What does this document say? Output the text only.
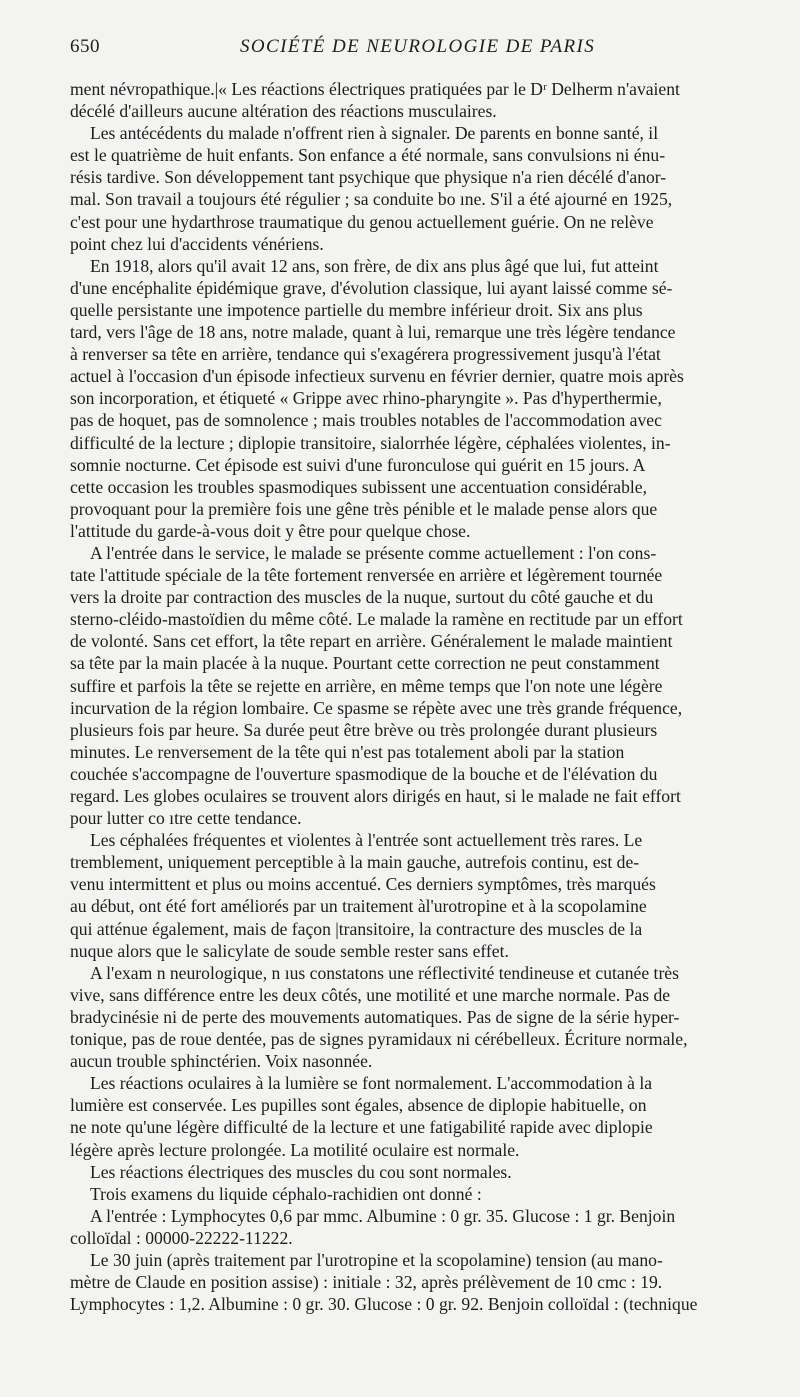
650	SOCIÉTÉ DE NEUROLOGIE DE PARIS

ment névropathique.|« Les réactions électriques pratiquées par le Dʳ Delherm n'avaient
décélé d'ailleurs aucune altération des réactions musculaires.

Les antécédents du malade n'offrent rien à signaler. De parents en bonne santé, il
est le quatrième de huit enfants. Son enfance a été normale, sans convulsions ni énu-
résis tardive. Son développement tant psychique que physique n'a rien décélé d'anor-
mal. Son travail a toujours été régulier ; sa conduite bo ıne. S'il a été ajourné en 1925,
c'est pour une hydarthrose traumatique du genou actuellement guérie. On ne relève
point chez lui d'accidents vénériens.

En 1918, alors qu'il avait 12 ans, son frère, de dix ans plus âgé que lui, fut atteint
d'une encéphalite épidémique grave, d'évolution classique, lui ayant laissé comme sé-
quelle persistante une impotence partielle du membre inférieur droit. Six ans plus
tard, vers l'âge de 18 ans, notre malade, quant à lui, remarque une très légère tendance
à renverser sa tête en arrière, tendance qui s'exagérera progressivement jusqu'à l'état
actuel à l'occasion d'un épisode infectieux survenu en février dernier, quatre mois après
son incorporation, et étiqueté « Grippe avec rhino-pharyngite ». Pas d'hyperthermie,
pas de hoquet, pas de somnolence ; mais troubles notables de l'accommodation avec
difficulté de la lecture ; diplopie transitoire, sialorrhée légère, céphalées violentes, in-
somnie nocturne. Cet épisode est suivi d'une furonculose qui guérit en 15 jours. A
cette occasion les troubles spasmodiques subissent une accentuation considérable,
provoquant pour la première fois une gêne très pénible et le malade pense alors que
l'attitude du garde-à-vous doit y être pour quelque chose.

A l'entrée dans le service, le malade se présente comme actuellement : l'on cons-
tate l'attitude spéciale de la tête fortement renversée en arrière et légèrement tournée
vers la droite par contraction des muscles de la nuque, surtout du côté gauche et du
sterno-cléido-mastoïdien du même côté. Le malade la ramène en rectitude par un effort
de volonté. Sans cet effort, la tête repart en arrière. Généralement le malade maintient
sa tête par la main placée à la nuque. Pourtant cette correction ne peut constamment
suffire et parfois la tête se rejette en arrière, en même temps que l'on note une légère
incurvation de la région lombaire. Ce spasme se répète avec une très grande fréquence,
plusieurs fois par heure. Sa durée peut être brève ou très prolongée durant plusieurs
minutes. Le renversement de la tête qui n'est pas totalement aboli par la station
couchée s'accompagne de l'ouverture spasmodique de la bouche et de l'élévation du
regard. Les globes oculaires se trouvent alors dirigés en haut, si le malade ne fait effort
pour lutter co ıtre cette tendance.

Les céphalées fréquentes et violentes à l'entrée sont actuellement très rares. Le
tremblement, uniquement perceptible à la main gauche, autrefois continu, est de-
venu intermittent et plus ou moins accentué. Ces derniers symptômes, très marqués
au début, ont été fort améliorés par un traitement àl'urotropine et à la scopolamine
qui atténue également, mais de façon |transitoire, la contracture des muscles de la
nuque alors que le salicylate de soude semble rester sans effet.

A l'exam n neurologique, n ıus constatons une réflectivité tendineuse et cutanée très
vive, sans différence entre les deux côtés, une motilité et une marche normale. Pas de
bradycinésie ni de perte des mouvements automatiques. Pas de signe de la série hyper-
tonique, pas de roue dentée, pas de signes pyramidaux ni cérébelleux. Écriture normale,
aucun trouble sphinctérien. Voix nasonnée.

Les réactions oculaires à la lumière se font normalement. L'accommodation à la
lumière est conservée. Les pupilles sont égales, absence de diplopie habituelle, on
ne note qu'une légère difficulté de la lecture et une fatigabilité rapide avec diplopie
légère après lecture prolongée. La motilité oculaire est normale.

Les réactions électriques des muscles du cou sont normales.

Trois examens du liquide céphalo-rachidien ont donné :

A l'entrée : Lymphocytes 0,6 par mmc. Albumine : 0 gr. 35. Glucose : 1 gr. Benjoin
colloïdal : 00000-22222-11222.

Le 30 juin (après traitement par l'urotropine et la scopolamine) tension (au mano-
mètre de Claude en position assise) : initiale : 32, après prélèvement de 10 cmc : 19.
Lymphocytes : 1,2. Albumine : 0 gr. 30. Glucose : 0 gr. 92. Benjoin colloïdal : (technique
